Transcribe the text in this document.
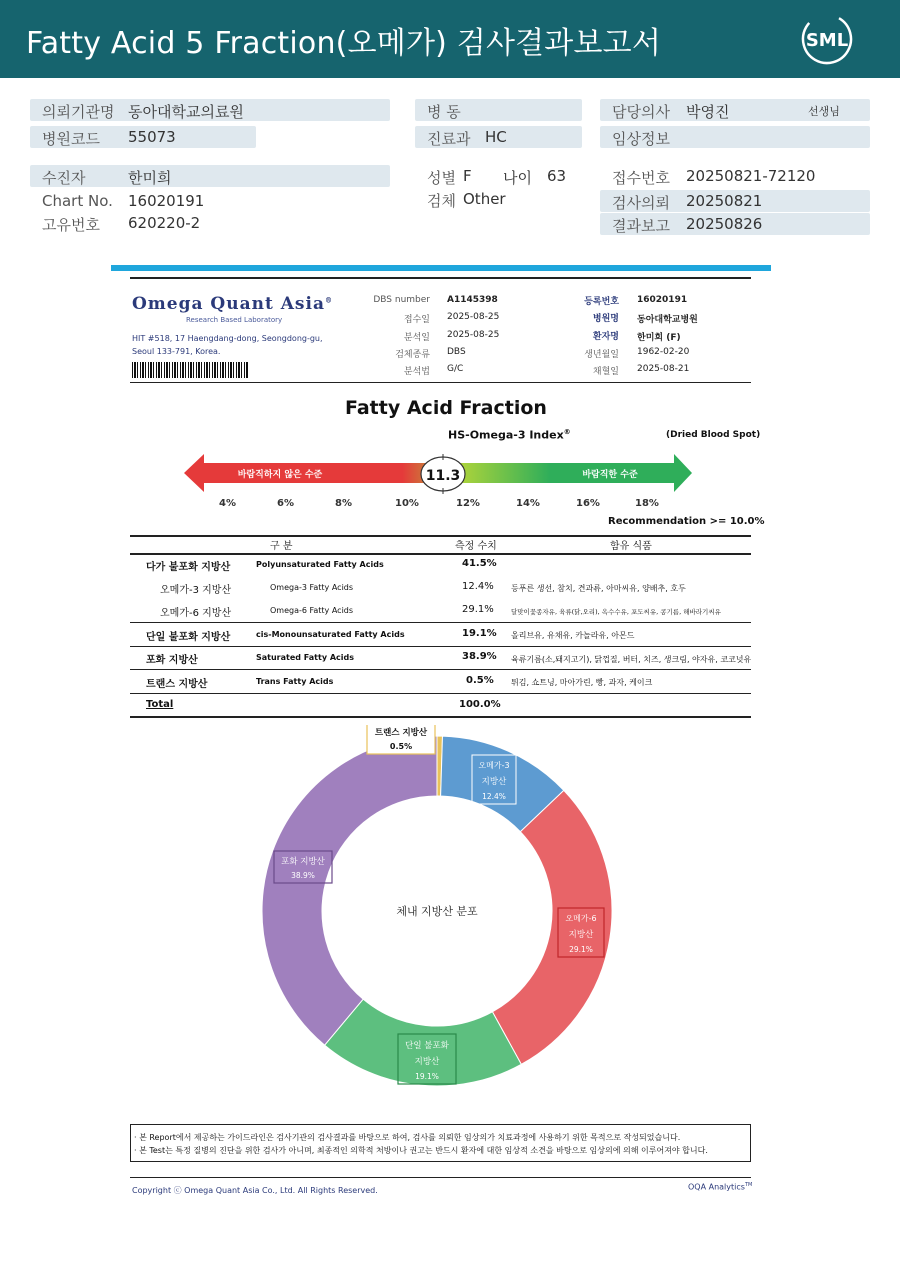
Fatty Acid 5 Fraction(오메가) 검사결과보고서	SML
의뢰기관명 동아대학교의료원
병원코드 55073
병 동
진료과 HC
담당의사 박영진	선생님
임상정보
수진자	한미희
Chart No. 16020191
고유번호 620220-2
성별 F 나이 63
검체 Other
접수번호 20250821-72120
검사의뢰 20250821
결과보고 20250826
Omega Quant Asia®
Research Based Laboratory
HIT #518, 17 Haengdang-dong, Seongdong-gu,
Seoul 133-791, Korea.
DBS number A1145398
접수일 2025-08-25
분석일 2025-08-25
검체종류 DBS
분석법 G/C
등록번호 16020191
병원명 동아대학교병원
환자명 한미희 (F)
생년월일 1962-02-20
채혈일 2025-08-21
Fatty Acid Fraction
HS-Omega-3 Index®	(Dried Blood Spot)
바람직하지 않은 수준	바람직한 수준
11.3
4%	6%	8%	10%	12%	14%	16%	18%
Recommendation >= 10.0%
구 분	측정 수치	함유 식품
다가 불포화 지방산	Polyunsaturated Fatty Acids	41.5%
오메가-3 지방산	Omega-3 Fatty Acids	12.4% 등푸른 생선, 참치, 견과류, 아마씨유, 양배추, 호두
오메가-6 지방산	Omega-6 Fatty Acids	29.1%	달맞이꽃종자유, 육류(닭,오리), 옥수수유, 포도씨유, 콩기름, 해바라기씨유
단일 불포화 지방산	cis-Monounsaturated Fatty Acids	19.1% 올리브유, 유채유, 카놀라유, 아몬드
포화 지방산	Saturated Fatty Acids	38.9% 육류기름(소,돼지고기), 닭껍질, 버터, 치즈, 생크림, 야자유, 코코넛유
트랜스 지방산	Trans Fatty Acids	0.5% 튀김, 쇼트닝, 마아가린, 빵, 과자, 케이크
Total	100.0%
체내 지방산 분포
트랜스 지방산
0.5%
오메가-3
지방산
12.4%
오메가-6
지방산
29.1%
단일 불포화
지방산
19.1%
포화 지방산
38.9%
· 본 Report에서 제공하는 가이드라인은 검사기관의 검사결과를 바탕으로 하여, 검사를 의뢰한 임상의가 치료과정에 사용하기 위한 목적으로 작성되었습니다.
· 본 Test는 특정 질병의 진단을 위한 검사가 아니며, 최종적인 의학적 처방이나 권고는 반드시 환자에 대한 임상적 소견을 바탕으로 임상의에 의해 이루어져야 합니다.
Copyright ⓒ Omega Quant Asia Co., Ltd. All Rights Reserved.	OQA Analytics™
